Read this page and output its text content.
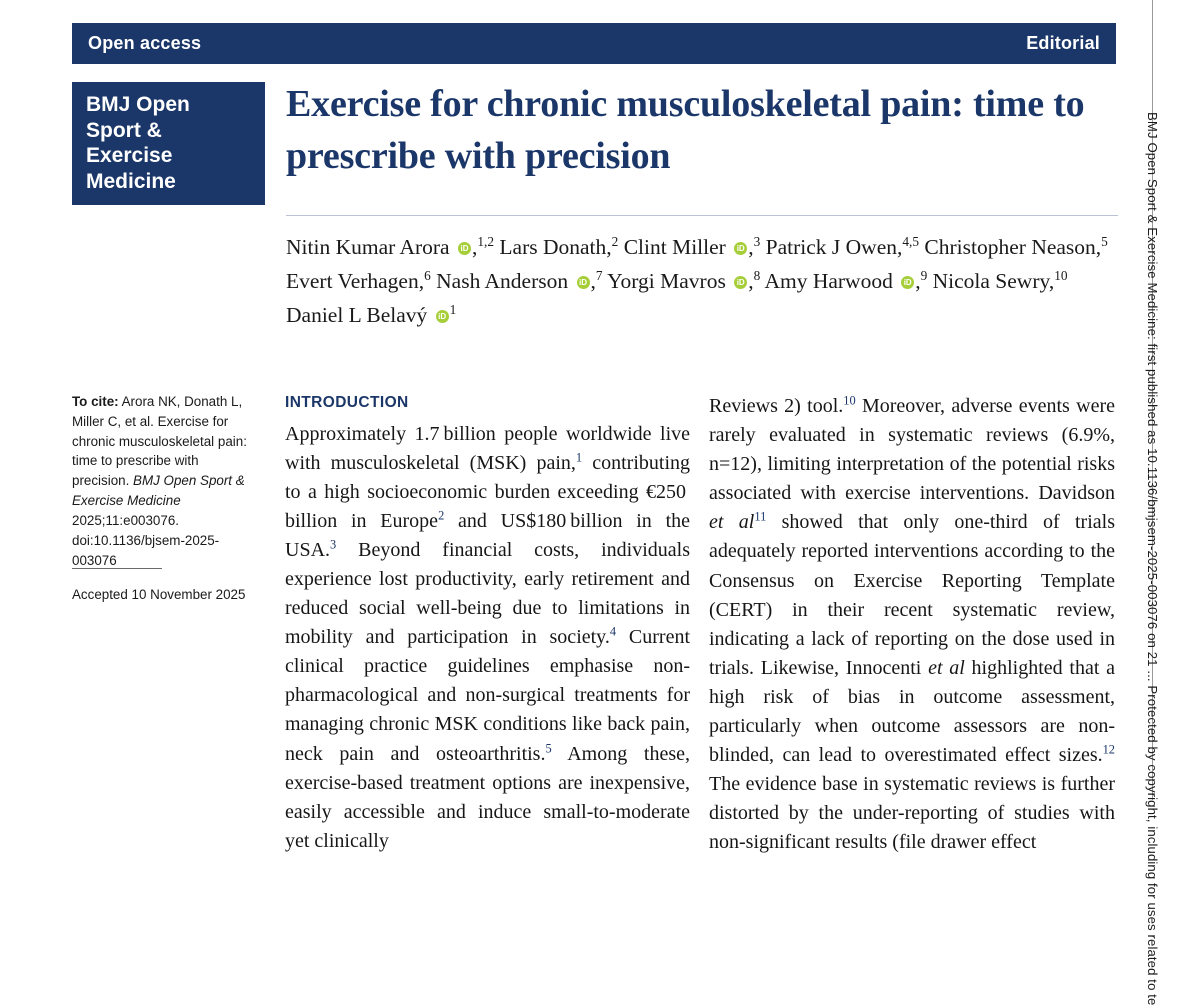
Open access	Editorial
BMJ Open
Sport &
Exercise
Medicine
Exercise for chronic musculoskeletal pain: time to prescribe with precision
Nitin Kumar Arora iD,$^{1,2}$ Lars Donath,$^2$ Clint Miller iD,$^3$ Patrick J Owen,$^{4,5}$ Christopher Neason,$^5$ Evert Verhagen,$^6$ Nash Anderson iD,$^7$ Yorgi Mavros iD,$^8$ Amy Harwood iD,$^9$ Nicola Sewry,$^{10}$ Daniel L Belavý $iD^1$
To cite: Arora NK, Donath L, Miller C, et al. Exercise for chronic musculoskeletal pain: time to prescribe with precision. BMJ Open Sport & Exercise Medicine 2025;11:e003076. doi:10.1136/bjsem-2025-003076
Accepted 10 November 2025
INTRODUCTION

Approximately 1.7 billion people worldwide live with musculoskeletal (MSK) pain,$^1$ contributing to a high socioeconomic burden exceeding €250 billion in Europe$^2$ and US$180 billion in the USA.$^3$ Beyond financial costs, individuals experience lost productivity, early retirement and reduced social well-being due to limitations in mobility and participation in society.$^4$ Current clinical practice guidelines emphasise non-pharmacological and non-surgical treatments for managing chronic MSK conditions like back pain, neck pain and osteoarthritis.$^5$ Among these, exercise-based treatment options are inexpensive, easily accessible and induce small-to-moderate yet clinically

Reviews 2) tool.$^{10}$ Moreover, adverse events were rarely evaluated in systematic reviews (6.9%, n=12), limiting interpretation of the potential risks associated with exercise interventions. Davidson et $al^{11}$ showed that only one-third of trials adequately reported interventions according to the Consensus on Exercise Reporting Template (CERT) in their recent systematic review, indicating a lack of reporting on the dose used in trials. Likewise, Innocenti et al highlighted that a high risk of bias in outcome assessment, particularly when outcome assessors are non-blinded, can lead to overestimated effect sizes.$^{12}$ The evidence base in systematic reviews is further distorted by the under-reporting of studies with non-significant results (file drawer effect	BMJ Open Sport & Exercise Medicine: first published as 10.1136/bmjsem-2025-003076 on 21 ... Protected by copyright, including for uses related to te
